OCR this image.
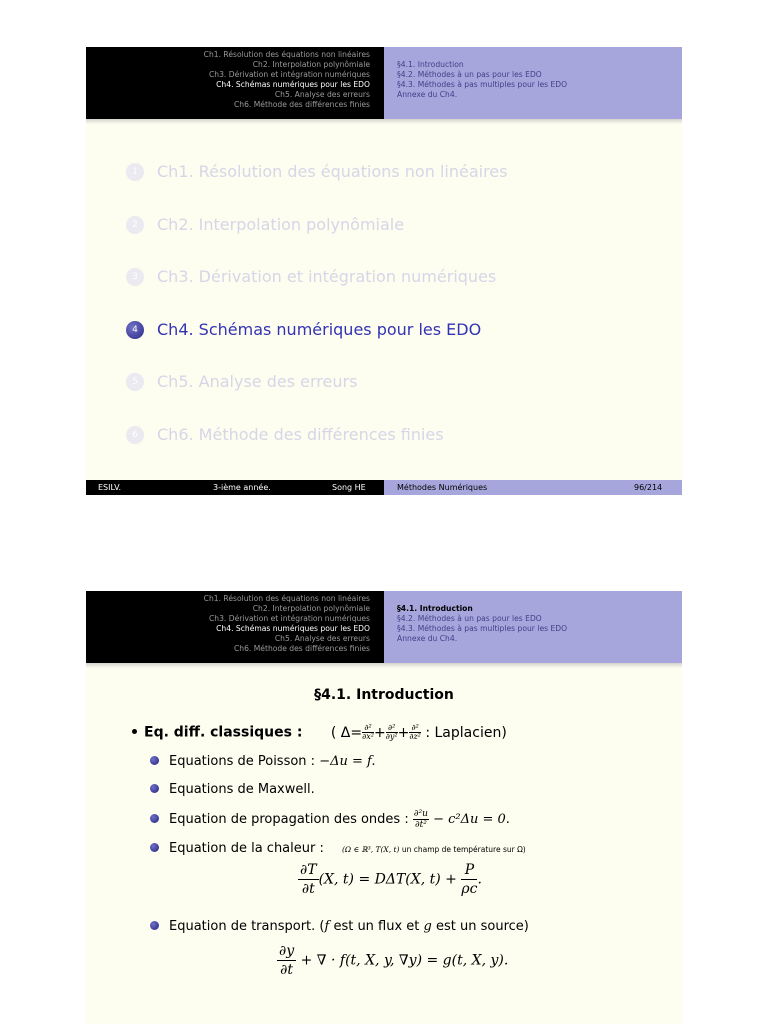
Ch1. Résolution des équations non linéaires
Ch2. Interpolation polynômiale
Ch3. Dérivation et intégration numériques
Ch4. Schémas numériques pour les EDO
Ch5. Analyse des erreurs
Ch6. Méthode des différences finies
§4.1. Introduction
§4.2. Méthodes à un pas pour les EDO
§4.3. Méthodes à pas multiples pour les EDO
Annexe du Ch4.
1	Ch1. Résolution des équations non linéaires
2	Ch2. Interpolation polynômiale
3	Ch3. Dérivation et intégration numériques
4	Ch4. Schémas numériques pour les EDO
5	Ch5. Analyse des erreurs
6	Ch6. Méthode des différences finies
ESILV.	3-ième année.	Song HE	Méthodes Numériques	96/214
Ch1. Résolution des équations non linéaires
Ch2. Interpolation polynômiale
Ch3. Dérivation et intégration numériques
Ch4. Schémas numériques pour les EDO
Ch5. Analyse des erreurs
Ch6. Méthode des différences finies
§4.1. Introduction
§4.2. Méthodes à un pas pour les EDO
§4.3. Méthodes à pas multiples pour les EDO
Annexe du Ch4.
§4.1. Introduction
Eq. diff. classiques : ( $\Delta= \frac{\text{∂²}}{\text{∂x²}} + \frac{\text{∂²}}{\text{∂y²}} + \frac{\text{∂²}}{\text{∂z²}}$ : Laplacien)
Equations de Poisson : −Δu = f.
Equations de Maxwell.
Equation de propagation des ondes : $\frac{\text{∂²u}}{\text{∂t²}} - c^2\Delta u = 0$.
Equation de la chaleur : (Ω ∈ ℝ³, T(X, t) un champ de température sur Ω)
$\frac{\partial T}{\partial t} (X$, t) = DΔT(X, $t) + \frac{P}{\rho c}$ .
Equation de transport. (f est un flux et g est un source)
$\frac{\partial y}{\partial t}$ + ∇ · f(t, X, y, ∇y) = g(t, X, y).
